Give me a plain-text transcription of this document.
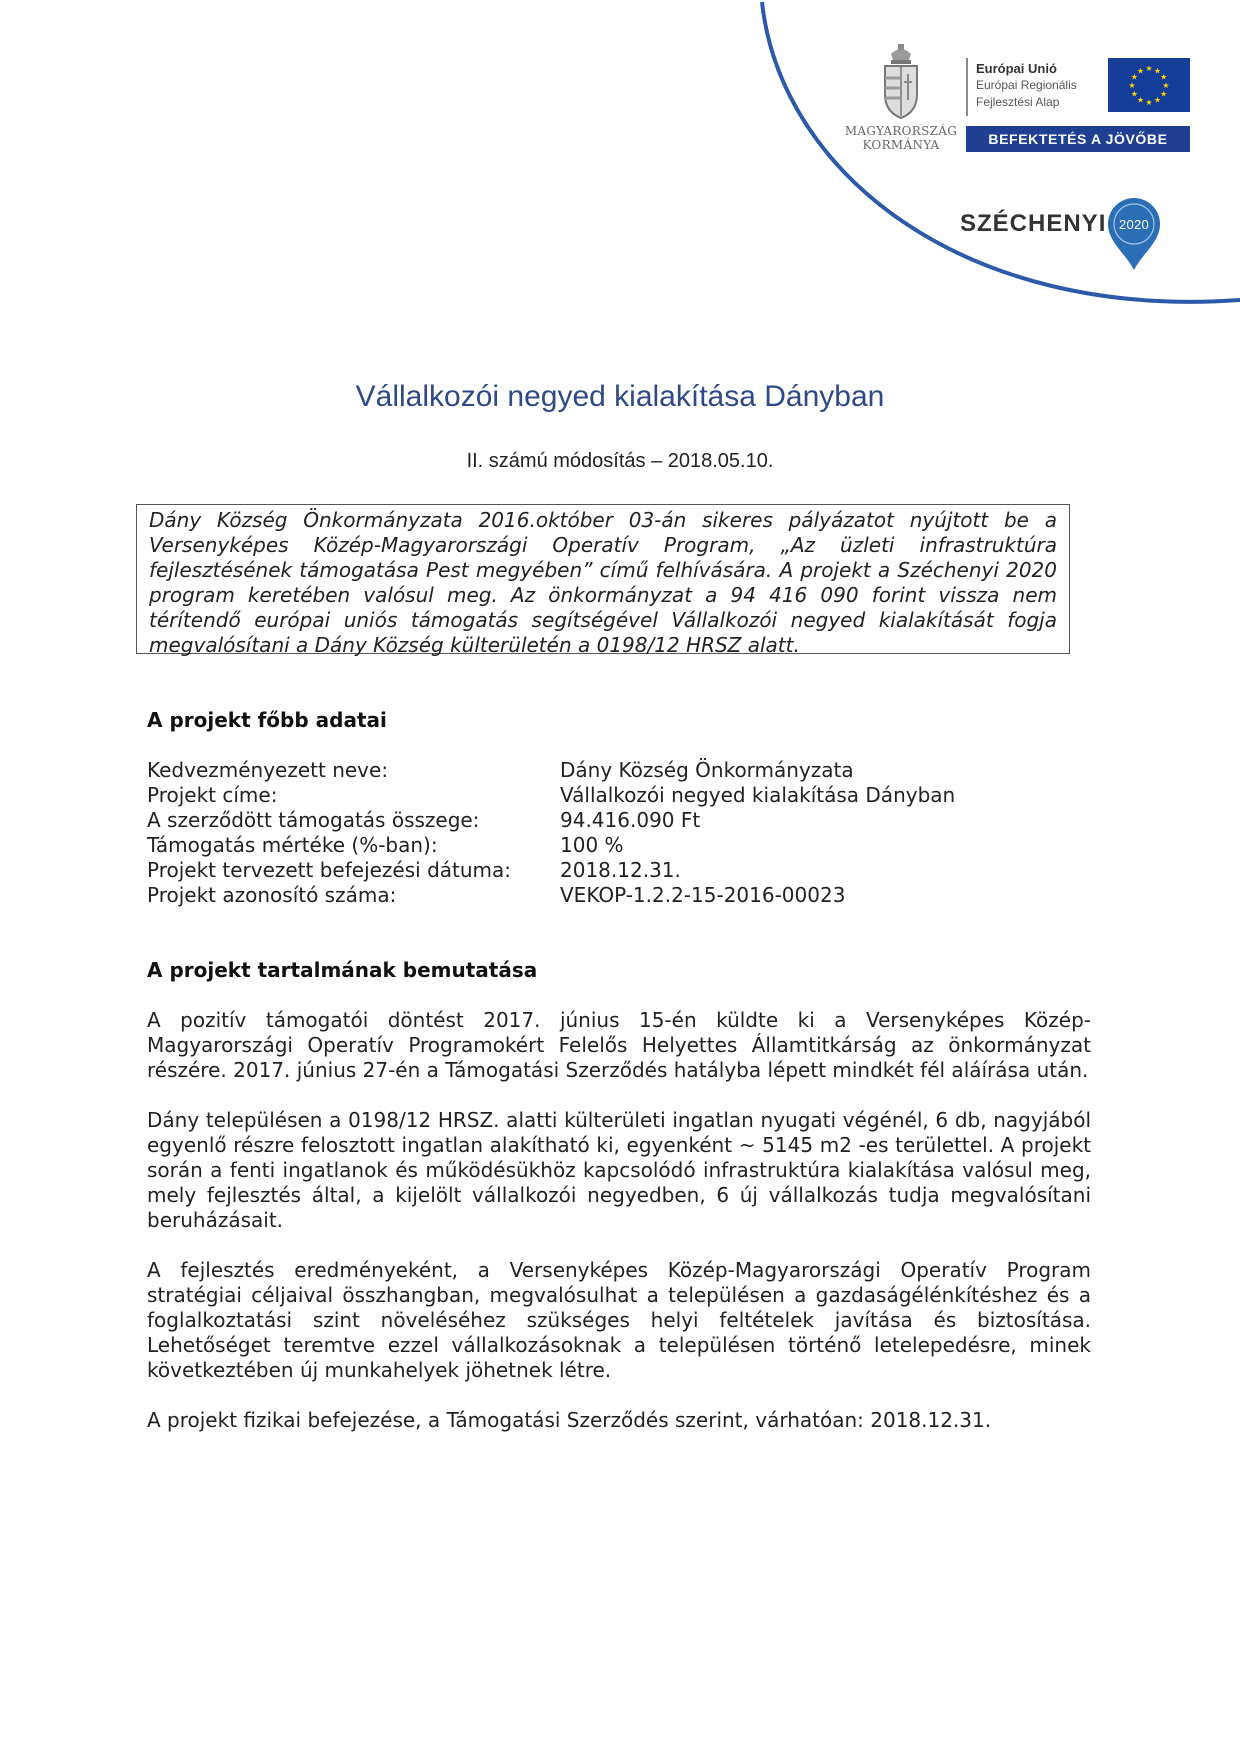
MAGYARORSZÁG
KORMÁNYA
Európai Unió
Európai Regionális
Fejlesztési Alap
★ ★
★
★
★
★
★
★
★
★
★
★
BEFEKTETÉS A JÖVŐBE
SZÉCHENYI 2020
Vállalkozói negyed kialakítása Dányban
II. számú módosítás – 2018.05.10.

Dány Község Önkormányzata 2016.október 03-án sikeres pályázatot nyújtott be a Versenyképes Közép-Magyarországi Operatív Program, „Az üzleti infrastruktúra fejlesztésének támogatása Pest megyében” című felhívására. A projekt a Széchenyi 2020 program keretében valósul meg. Az önkormányzat a 94 416 090 forint vissza nem térítendő európai uniós támogatás segítségével Vállalkozói negyed kialakítását fogja megvalósítani a Dány Község külterületén a 0198/12 HRSZ alatt.

A projekt főbb adatai
Kedvezményezett neve:	Dány Község Önkormányzata
Projekt címe:	Vállalkozói negyed kialakítása Dányban
A szerződött támogatás összege:	94.416.090 Ft
Támogatás mértéke (%-ban):	100 %
Projekt tervezett befejezési dátuma: 2018.12.31.
Projekt azonosító száma:	VEKOP-1.2.2-15-2016-00023
A projekt tartalmának bemutatása

A pozitív támogatói döntést 2017. június 15-én küldte ki a Versenyképes Közép-Magyarországi Operatív Programokért Felelős Helyettes Államtitkárság az önkormányzat részére. 2017. június 27-én a Támogatási Szerződés hatályba lépett mindkét fél aláírása után.

Dány településen a 0198/12 HRSZ. alatti külterületi ingatlan nyugati végénél, 6 db, nagyjából egyenlő részre felosztott ingatlan alakítható ki, egyenként ~ 5145 m2 -es területtel. A projekt során a fenti ingatlanok és működésükhöz kapcsolódó infrastruktúra kialakítása valósul meg, mely fejlesztés által, a kijelölt vállalkozói negyedben, 6 új vállalkozás tudja megvalósítani beruházásait.

A fejlesztés eredményeként, a Versenyképes Közép-Magyarországi Operatív Program stratégiai céljaival összhangban, megvalósulhat a településen a gazdaságélénkítéshez és a foglalkoztatási szint növeléséhez szükséges helyi feltételek javítása és biztosítása. Lehetőséget teremtve ezzel vállalkozásoknak a településen történő letelepedésre, minek következtében új munkahelyek jöhetnek létre.

A projekt fizikai befejezése, a Támogatási Szerződés szerint, várhatóan: 2018.12.31.
